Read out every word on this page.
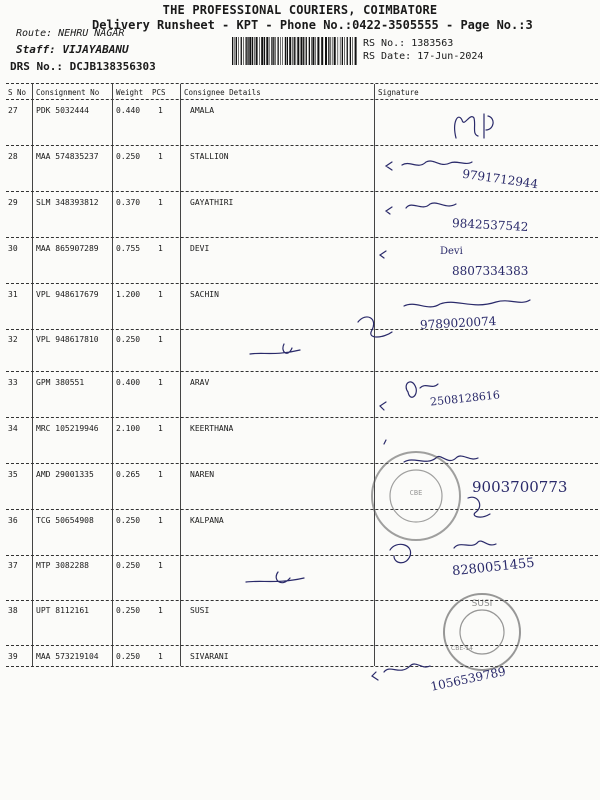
THE PROFESSIONAL COURIERS, COIMBATORE
Delivery Runsheet - KPT - Phone No.:0422-3505555 - Page No.:3
Route: NEHRU NAGAR
Staff: VIJAYABANU
DRS No.: DCJB138356303
RS No.: 1383563
RS Date: 17-Jun-2024
S No Consignment No Weight PCS Consignee Details	Signature
27 PDK 5032444	0.440 1	AMALA
28 MAA 574835237 0.250 1	STALLION
29 SLM 348393812 0.370 1	GAYATHIRI
30 MAA 865907289 0.755 1	DEVI
31 VPL 948617679 1.200 1	SACHIN
32 VPL 948617810 0.250 1
33 GPM 380551	0.400 1	ARAV
34 MRC 105219946 2.100 1	KEERTHANA
35 AMD 29001335	0.265 1	NAREN
36 TCG 50654908	0.250 1	KALPANA
37 MTP 3082288	0.250 1
38 UPT 8112161	0.250 1	SUSI
39 MAA 573219104 0.250 1	SIVARANI
CBE
SUSI
CBE-14
9791712944
9842537542
Devi
8807334383
9789020074
2508128616
9003700773
8280051455
1056539789
